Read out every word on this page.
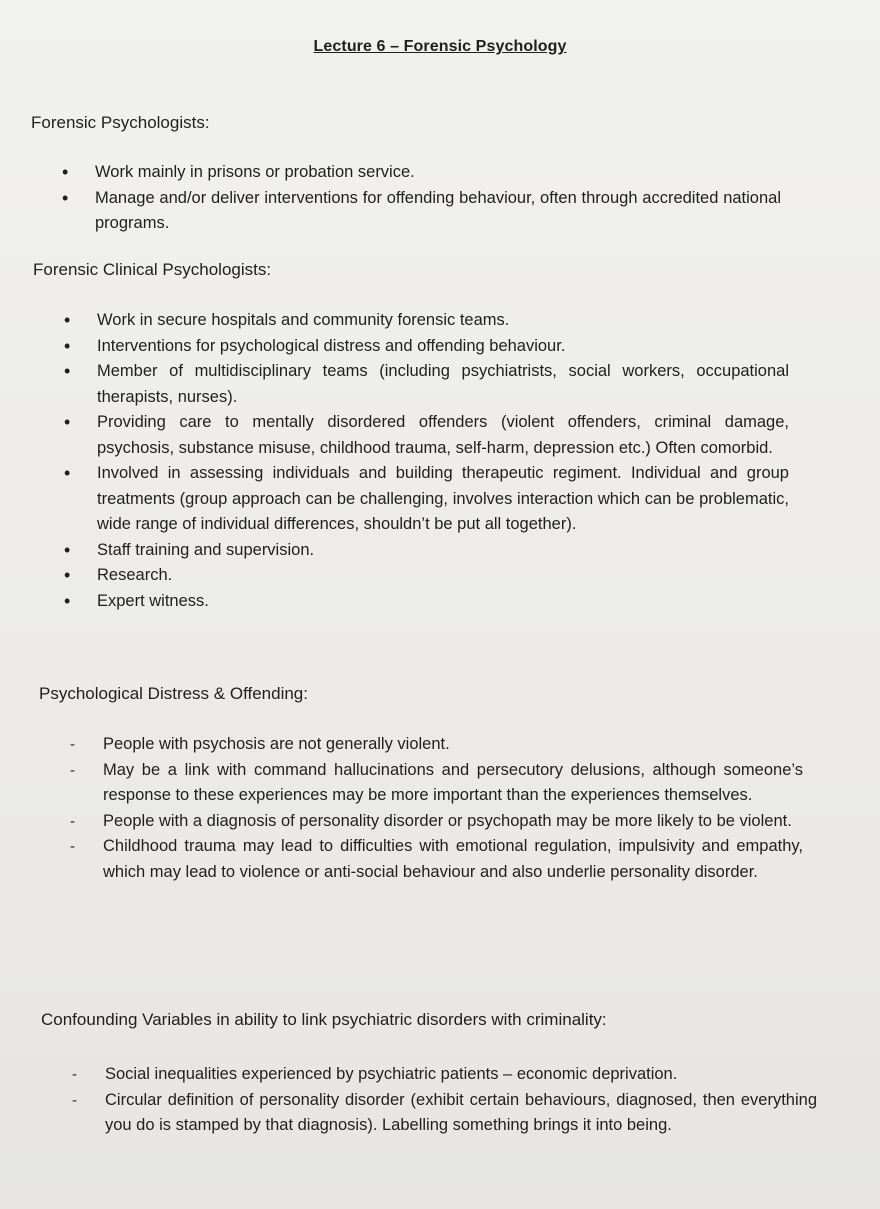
Lecture 6 – Forensic Psychology
Forensic Psychologists:
• Work mainly in prisons or probation service.
• Manage and/or deliver interventions for offending behaviour, often through accredited national programs.
Forensic Clinical Psychologists:
• Work in secure hospitals and community forensic teams.
• Interventions for psychological distress and offending behaviour.
• Member of multidisciplinary teams (including psychiatrists, social workers, occupational therapists, nurses).
• Providing care to mentally disordered offenders (violent offenders, criminal damage, psychosis, substance misuse, childhood trauma, self-harm, depression etc.) Often comorbid.
• Involved in assessing individuals and building therapeutic regiment. Individual and group treatments (group approach can be challenging, involves interaction which can be problematic, wide range of individual differences, shouldn’t be put all together).
• Staff training and supervision.
• Research.
• Expert witness.
Psychological Distress & Offending:
- People with psychosis are not generally violent.
- May be a link with command hallucinations and persecutory delusions, although someone’s response to these experiences may be more important than the experiences themselves.
- People with a diagnosis of personality disorder or psychopath may be more likely to be violent.
- Childhood trauma may lead to difficulties with emotional regulation, impulsivity and empathy, which may lead to violence or anti-social behaviour and also underlie personality disorder.
Confounding Variables in ability to link psychiatric disorders with criminality:
- Social inequalities experienced by psychiatric patients – economic deprivation.
- Circular definition of personality disorder (exhibit certain behaviours, diagnosed, then everything you do is stamped by that diagnosis). Labelling something brings it into being.
